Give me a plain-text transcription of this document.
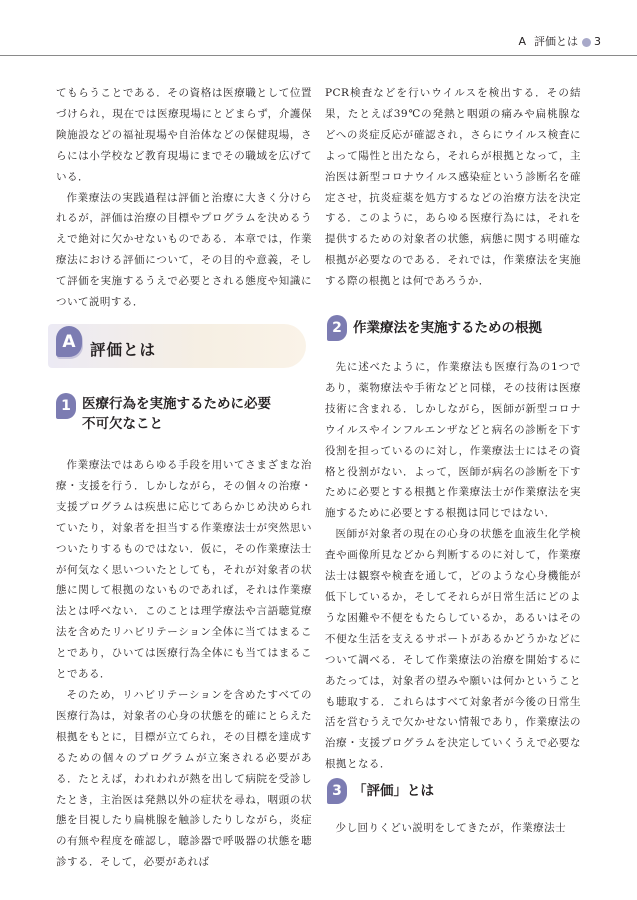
A 評価とは 3

てもらうことである．その資格は医療職として位置づけられ，現在では医療現場にとどまらず，介護保険施設などの福祉現場や自治体などの保健現場，さらには小学校など教育現場にまでその職域を広げている．

作業療法の実践過程は評価と治療に大きく分けられるが，評価は治療の目標やプログラムを決めるうえで絶対に欠かせないものである．本章では，作業療法における評価について，その目的や意義，そして評価を実施するうえで必要とされる態度や知識について説明する．

A 評価とは
1 医療行為を実施するために必要
不可欠なこと

作業療法ではあらゆる手段を用いてさまざまな治療・支援を行う．しかしながら，その個々の治療・支援プログラムは疾患に応じてあらかじめ決められていたり，対象者を担当する作業療法士が突然思いついたりするものではない．仮に，その作業療法士が何気なく思いついたとしても，それが対象者の状態に関して根拠のないものであれば，それは作業療法とは呼べない．このことは理学療法や言語聴覚療法を含めたリハビリテーション全体に当てはまることであり，ひいては医療行為全体にも当てはまることである．

そのため，リハビリテーションを含めたすべての医療行為は，対象者の心身の状態を的確にとらえた根拠をもとに，目標が立てられ，その目標を達成するための個々のプログラムが立案される必要がある．たとえば，われわれが熱を出して病院を受診したとき，主治医は発熱以外の症状を尋ね，咽頭の状態を目視したり扁桃腺を触診したりしながら，炎症の有無や程度を確認し，聴診器で呼吸器の状態を聴診する．そして，必要があれば

PCR検査などを行いウイルスを検出する．その結果，たとえば39℃の発熱と咽頭の痛みや扁桃腺などへの炎症反応が確認され，さらにウイルス検査によって陽性と出たなら，それらが根拠となって，主治医は新型コロナウイルス感染症という診断名を確定させ，抗炎症薬を処方するなどの治療方法を決定する．このように，あらゆる医療行為には，それを提供するための対象者の状態，病態に関する明確な根拠が必要なのである．それでは，作業療法を実施する際の根拠とは何であろうか．

2 作業療法を実施するための根拠

先に述べたように，作業療法も医療行為の1つであり，薬物療法や手術などと同様，その技術は医療技術に含まれる．しかしながら，医師が新型コロナウイルスやインフルエンザなどと病名の診断を下す役割を担っているのに対し，作業療法士にはその資格と役割がない．よって，医師が病名の診断を下すために必要とする根拠と作業療法士が作業療法を実施するために必要とする根拠は同じではない．

医師が対象者の現在の心身の状態を血液生化学検査や画像所見などから判断するのに対して，作業療法士は観察や検査を通して，どのような心身機能が低下しているか，そしてそれらが日常生活にどのような困難や不便をもたらしているか，あるいはその不便な生活を支えるサポートがあるかどうかなどについて調べる．そして作業療法の治療を開始するにあたっては，対象者の望みや願いは何かということも聴取する．これらはすべて対象者が今後の日常生活を営むうえで欠かせない情報であり，作業療法の治療・支援プログラムを決定していくうえで必要な根拠となる．

3 「評価」とは

少し回りくどい説明をしてきたが，作業療法士
